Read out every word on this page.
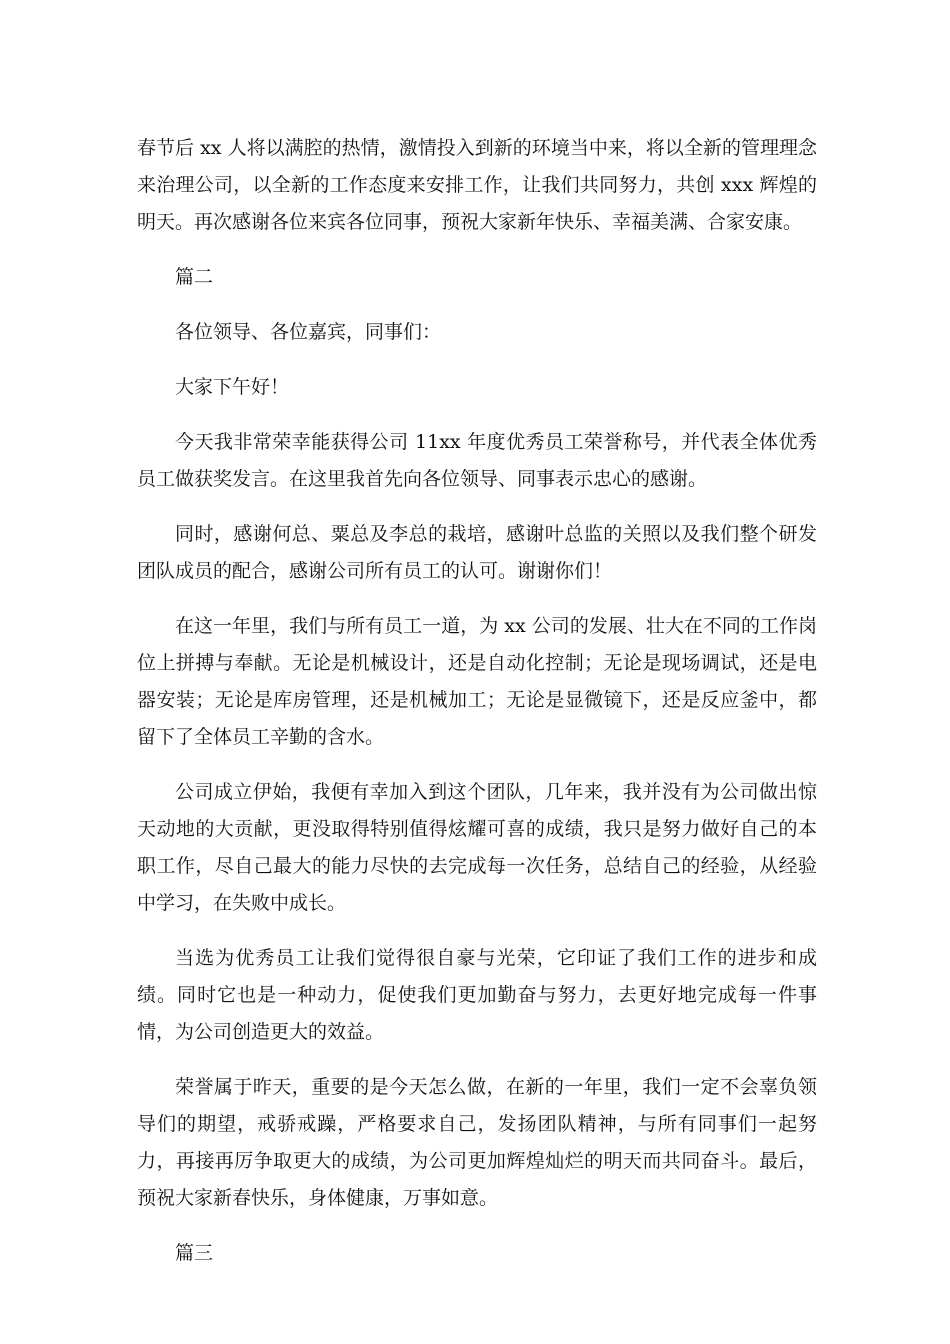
春节后 xx 人将以满腔的热情，激情投入到新的环境当中来，将以全新的管理理念来治理公司，以全新的工作态度来安排工作，让我们共同努力，共创 xxx 辉煌的明天。再次感谢各位来宾各位同事，预祝大家新年快乐、幸福美满、合家安康。

篇二

各位领导、各位嘉宾，同事们：

大家下午好！

今天我非常荣幸能获得公司 11xx 年度优秀员工荣誉称号，并代表全体优秀员工做获奖发言。在这里我首先向各位领导、同事表示忠心的感谢。

同时，感谢何总、粟总及李总的栽培，感谢叶总监的关照以及我们整个研发团队成员的配合，感谢公司所有员工的认可。谢谢你们！

在这一年里，我们与所有员工一道，为 xx 公司的发展、壮大在不同的工作岗位上拼搏与奉献。无论是机械设计，还是自动化控制；无论是现场调试，还是电器安装；无论是库房管理，还是机械加工；无论是显微镜下，还是反应釜中，都留下了全体员工辛勤的含水。

公司成立伊始，我便有幸加入到这个团队，几年来，我并没有为公司做出惊天动地的大贡献，更没取得特别值得炫耀可喜的成绩，我只是努力做好自己的本职工作，尽自己最大的能力尽快的去完成每一次任务，总结自己的经验，从经验中学习，在失败中成长。

当选为优秀员工让我们觉得很自豪与光荣，它印证了我们工作的进步和成绩。同时它也是一种动力，促使我们更加勤奋与努力，去更好地完成每一件事情，为公司创造更大的效益。

荣誉属于昨天，重要的是今天怎么做，在新的一年里，我们一定不会辜负领导们的期望，戒骄戒躁，严格要求自己，发扬团队精神，与所有同事们一起努力，再接再厉争取更大的成绩，为公司更加辉煌灿烂的明天而共同奋斗。最后，预祝大家新春快乐，身体健康，万事如意。

篇三
